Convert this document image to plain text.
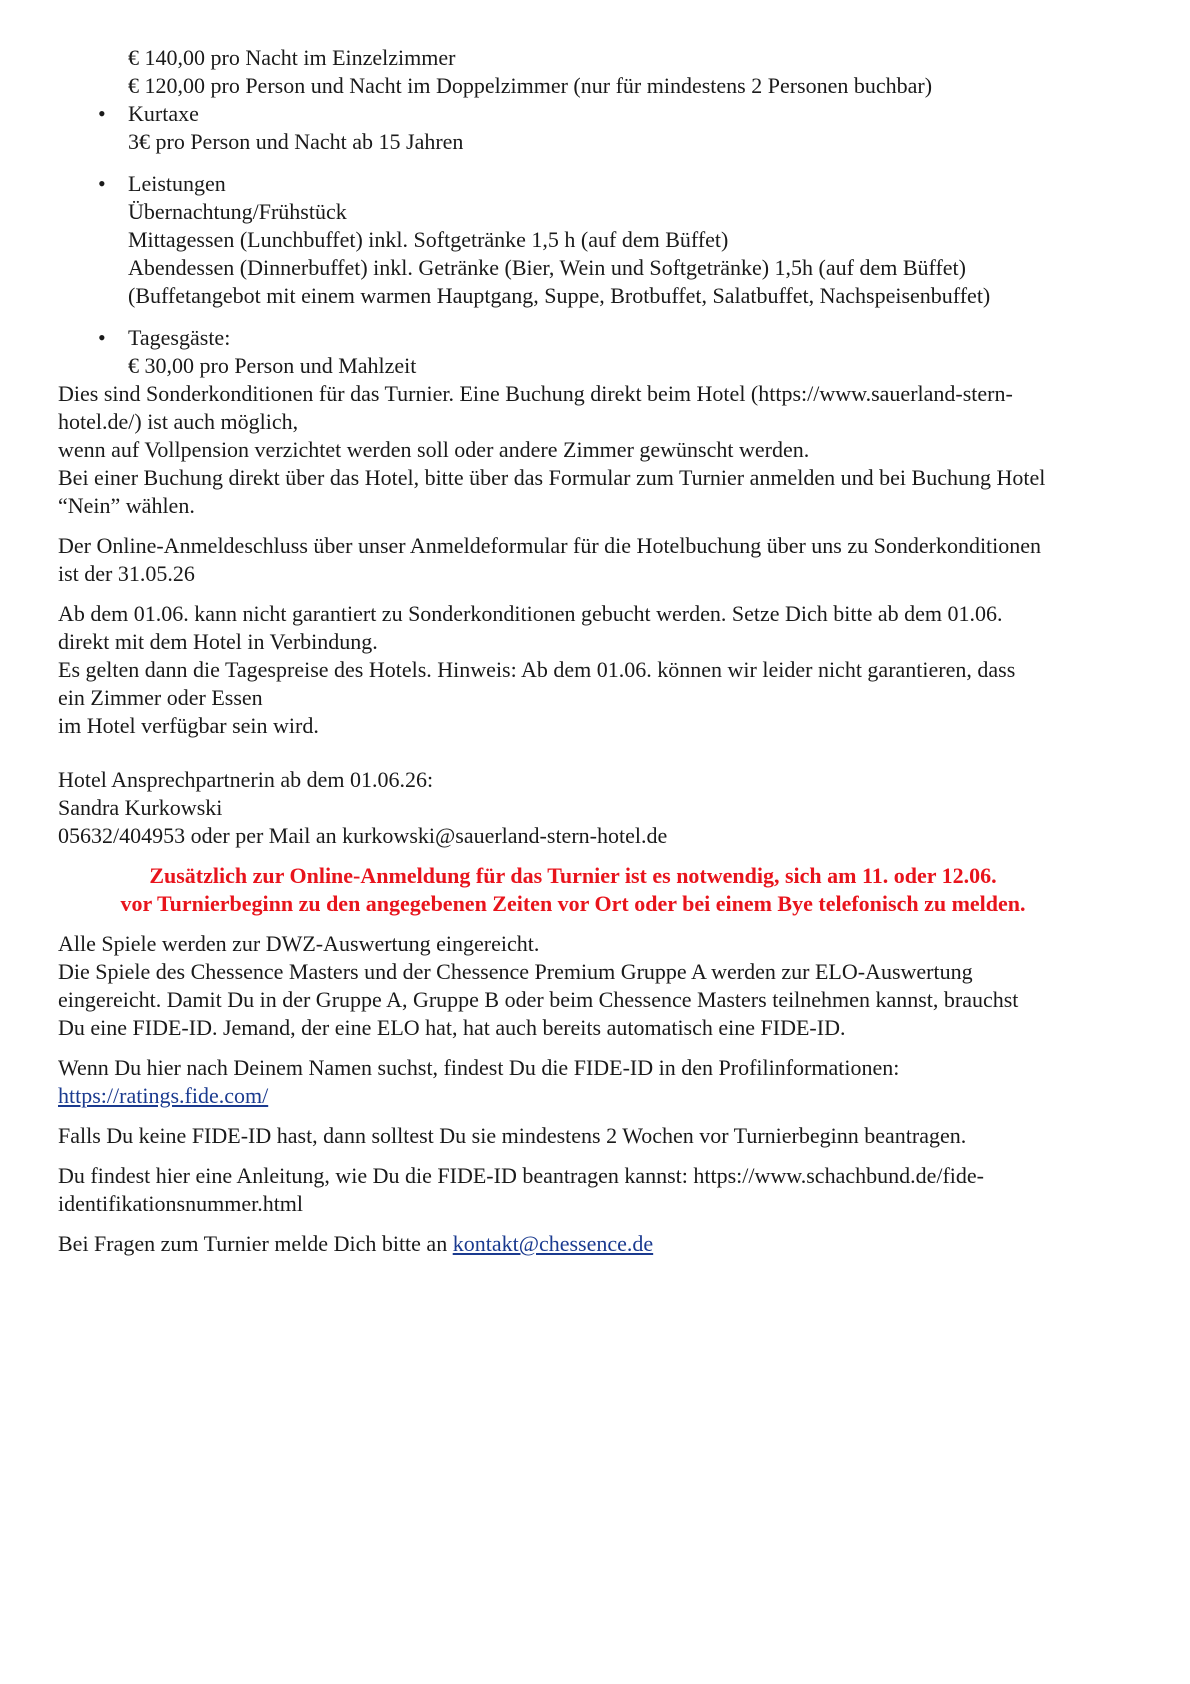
€ 140,00 pro Nacht im Einzelzimmer
€ 120,00 pro Person und Nacht im Doppelzimmer (nur für mindestens 2 Personen buchbar)
• Kurtaxe
3€ pro Person und Nacht ab 15 Jahren
• Leistungen
Übernachtung/Frühstück
Mittagessen (Lunchbuffet) inkl. Softgetränke 1,5 h (auf dem Büffet)
Abendessen (Dinnerbuffet) inkl. Getränke (Bier, Wein und Softgetränke) 1,5h (auf dem Büffet)
(Buffetangebot mit einem warmen Hauptgang, Suppe, Brotbuffet, Salatbuffet, Nachspeisenbuffet)
• Tagesgäste:
€ 30,00 pro Person und Mahlzeit
Dies sind Sonderkonditionen für das Turnier. Eine Buchung direkt beim Hotel (https://www.sauerland-stern-
hotel.de/) ist auch möglich,
wenn auf Vollpension verzichtet werden soll oder andere Zimmer gewünscht werden.
Bei einer Buchung direkt über das Hotel, bitte über das Formular zum Turnier anmelden und bei Buchung Hotel
“Nein” wählen.
Der Online-Anmeldeschluss über unser Anmeldeformular für die Hotelbuchung über uns zu Sonderkonditionen
ist der 31.05.26
Ab dem 01.06. kann nicht garantiert zu Sonderkonditionen gebucht werden. Setze Dich bitte ab dem 01.06.
direkt mit dem Hotel in Verbindung.
Es gelten dann die Tagespreise des Hotels. Hinweis: Ab dem 01.06. können wir leider nicht garantieren, dass
ein Zimmer oder Essen
im Hotel verfügbar sein wird.
Hotel Ansprechpartnerin ab dem 01.06.26:
Sandra Kurkowski
05632/404953 oder per Mail an kurkowski@sauerland-stern-hotel.de
Zusätzlich zur Online-Anmeldung für das Turnier ist es notwendig, sich am 11. oder 12.06.
vor Turnierbeginn zu den angegebenen Zeiten vor Ort oder bei einem Bye telefonisch zu melden.
Alle Spiele werden zur DWZ-Auswertung eingereicht.
Die Spiele des Chessence Masters und der Chessence Premium Gruppe A werden zur ELO-Auswertung
eingereicht. Damit Du in der Gruppe A, Gruppe B oder beim Chessence Masters teilnehmen kannst, brauchst
Du eine FIDE-ID. Jemand, der eine ELO hat, hat auch bereits automatisch eine FIDE-ID.
Wenn Du hier nach Deinem Namen suchst, findest Du die FIDE-ID in den Profilinformationen:
https://ratings.fide.com/
Falls Du keine FIDE-ID hast, dann solltest Du sie mindestens 2 Wochen vor Turnierbeginn beantragen.
Du findest hier eine Anleitung, wie Du die FIDE-ID beantragen kannst: https://www.schachbund.de/fide-
identifikationsnummer.html
Bei Fragen zum Turnier melde Dich bitte an kontakt@chessence.de
